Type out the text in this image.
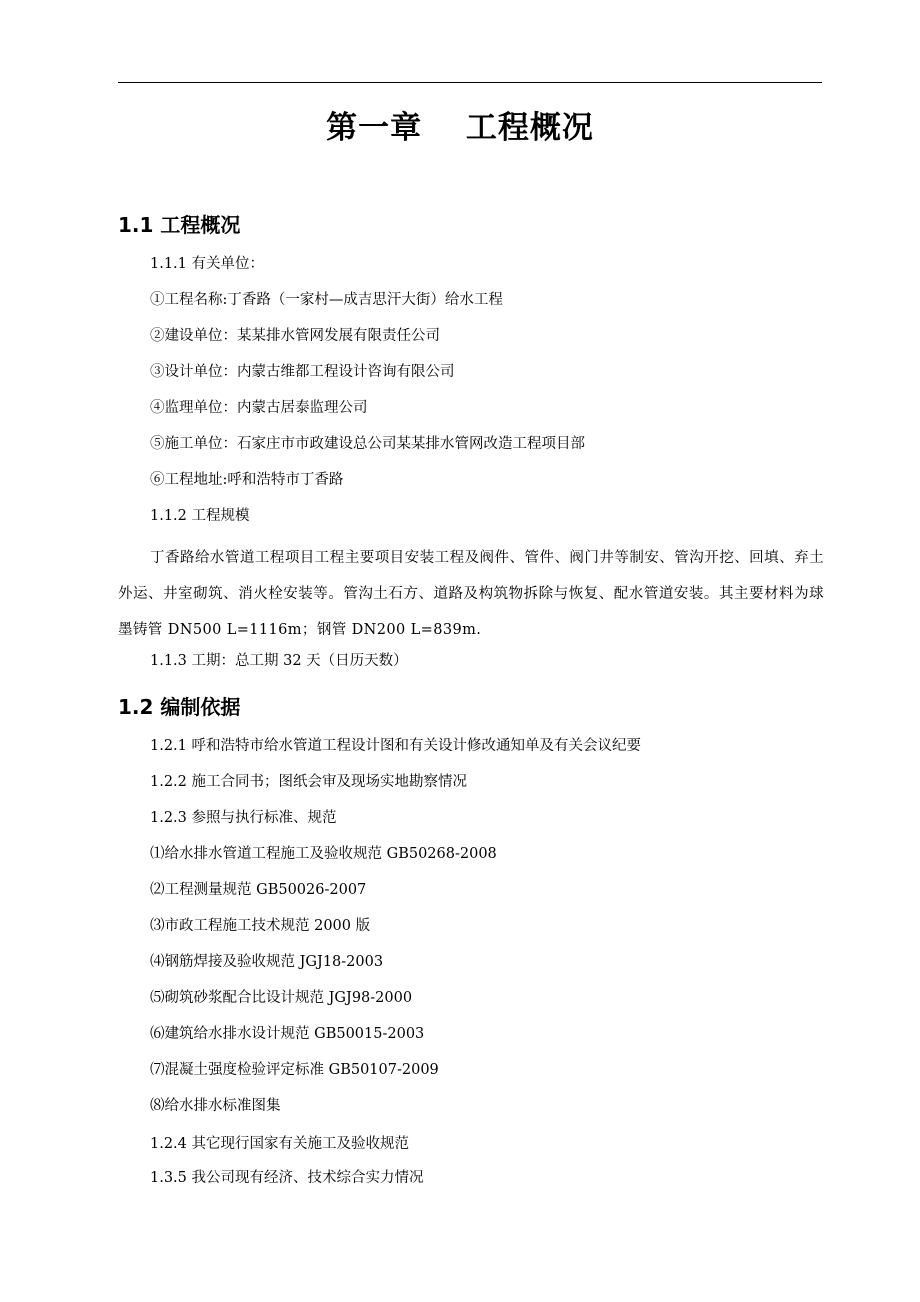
第一章　 工程概况
1.1 工程概况
1.1.1 有关单位：
①工程名称:丁香路（一家村—成吉思汗大街）给水工程
②建设单位：某某排水管网发展有限责任公司
③设计单位：内蒙古维都工程设计咨询有限公司
④监理单位：内蒙古居泰监理公司
⑤施工单位：石家庄市市政建设总公司某某排水管网改造工程项目部
⑥工程地址:呼和浩特市丁香路
1.1.2 工程规模
丁香路给水管道工程项目工程主要项目安装工程及阀件、管件、阀门井等制安、管沟开挖、回填、弃土外运、井室砌筑、消火栓安装等。管沟土石方、道路及构筑物拆除与恢复、配水管道安装。其主要材料为球墨铸管 DN500 L=1116m；钢管 DN200 L=839m.
1.1.3 工期：总工期 32 天（日历天数）
1.2 编制依据
1.2.1 呼和浩特市给水管道工程设计图和有关设计修改通知单及有关会议纪要
1.2.2 施工合同书；图纸会审及现场实地勘察情况
1.2.3 参照与执行标准、规范
⑴给水排水管道工程施工及验收规范 GB50268-2008
⑵工程测量规范 GB50026-2007
⑶市政工程施工技术规范 2000 版
⑷钢筋焊接及验收规范 JGJ18-2003
⑸砌筑砂浆配合比设计规范 JGJ98-2000
⑹建筑给水排水设计规范 GB50015-2003
⑺混凝土强度检验评定标准 GB50107-2009
⑻给水排水标准图集
1.2.4 其它现行国家有关施工及验收规范
1.3.5 我公司现有经济、技术综合实力情况
